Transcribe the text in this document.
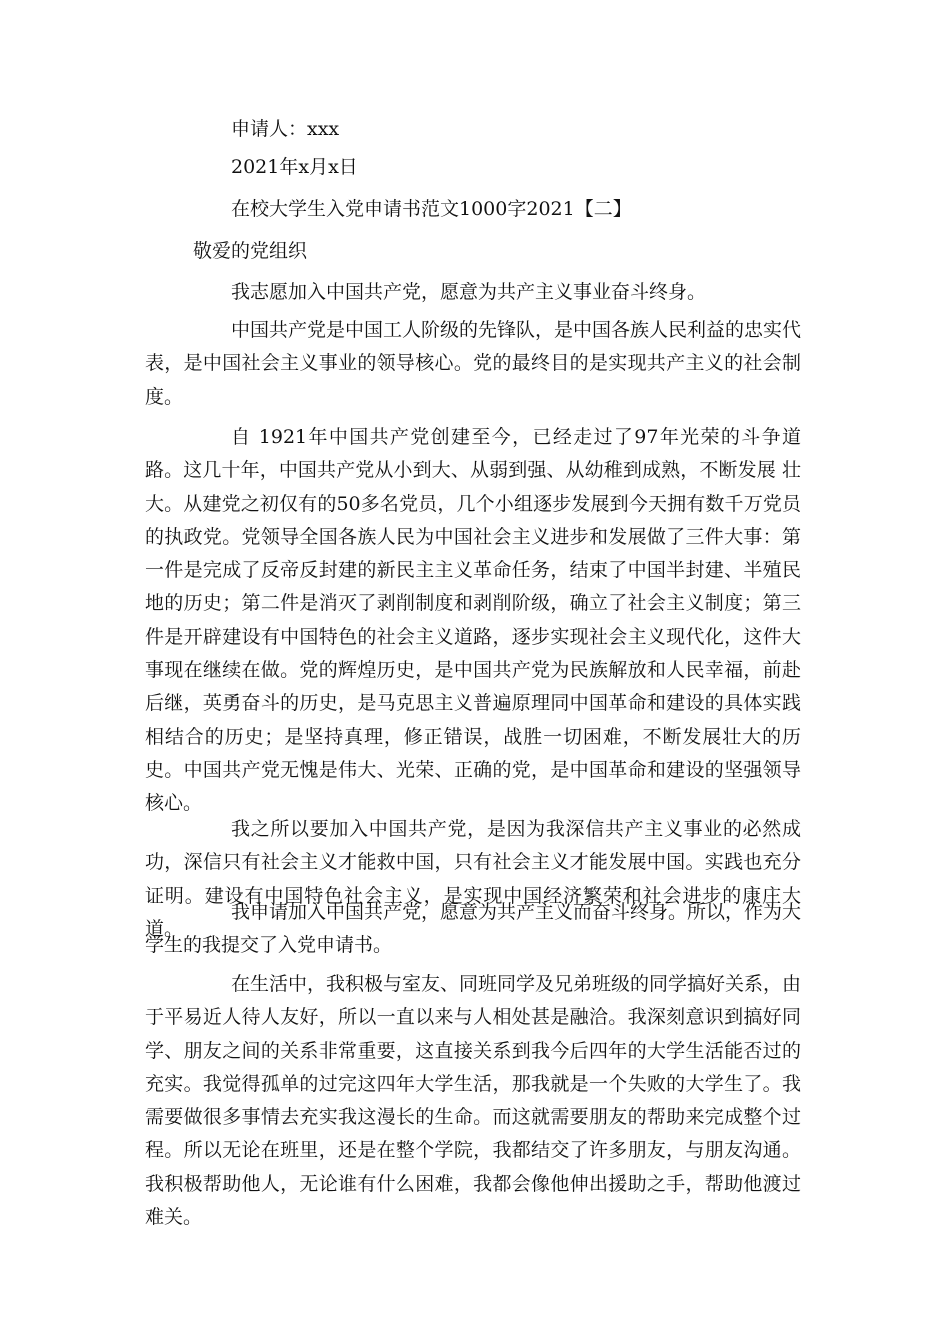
申请人：xxx
2021年x月x日
在校大学生入党申请书范文1000字2021【二】
敬爱的党组织
我志愿加入中国共产党，愿意为共产主义事业奋斗终身。
中国共产党是中国工人阶级的先锋队，是中国各族人民利益的忠实代表，是中国社会主义事业的领导核心。党的最终目的是实现共产主义的社会制度。
自 1921年中国共产党创建至今，已经走过了97年光荣的斗争道路。这几十年，中国共产党从小到大、从弱到强、从幼稚到成熟，不断发展 壮大。从建党之初仅有的50多名党员，几个小组逐步发展到今天拥有数千万党员的执政党。党领导全国各族人民为中国社会主义进步和发展做了三件大事：第一件是完成了反帝反封建的新民主主义革命任务，结束了中国半封建、半殖民地的历史；第二件是消灭了剥削制度和剥削阶级，确立了社会主义制度；第三件是开辟建设有中国特色的社会主义道路，逐步实现社会主义现代化，这件大事现在继续在做。党的辉煌历史，是中国共产党为民族解放和人民幸福，前赴后继，英勇奋斗的历史，是马克思主义普遍原理同中国革命和建设的具体实践相结合的历史；是坚持真理，修正错误，战胜一切困难，不断发展壮大的历史。中国共产党无愧是伟大、光荣、正确的党，是中国革命和建设的坚强领导核心。
我之所以要加入中国共产党，是因为我深信共产主义事业的必然成功，深信只有社会主义才能救中国，只有社会主义才能发展中国。实践也充分证明。建设有中国特色社会主义，是实现中国经济繁荣和社会进步的康庄大道。
我申请加入中国共产党，愿意为共产主义而奋斗终身。所以，作为大学生的我提交了入党申请书。
在生活中，我积极与室友、同班同学及兄弟班级的同学搞好关系，由于平易近人待人友好，所以一直以来与人相处甚是融洽。我深刻意识到搞好同学、朋友之间的关系非常重要，这直接关系到我今后四年的大学生活能否过的充实。我觉得孤单的过完这四年大学生活，那我就是一个失败的大学生了。我需要做很多事情去充实我这漫长的生命。而这就需要朋友的帮助来完成整个过程。所以无论在班里，还是在整个学院，我都结交了许多朋友，与朋友沟通。我积极帮助他人，无论谁有什么困难，我都会像他伸出援助之手，帮助他渡过难关。
